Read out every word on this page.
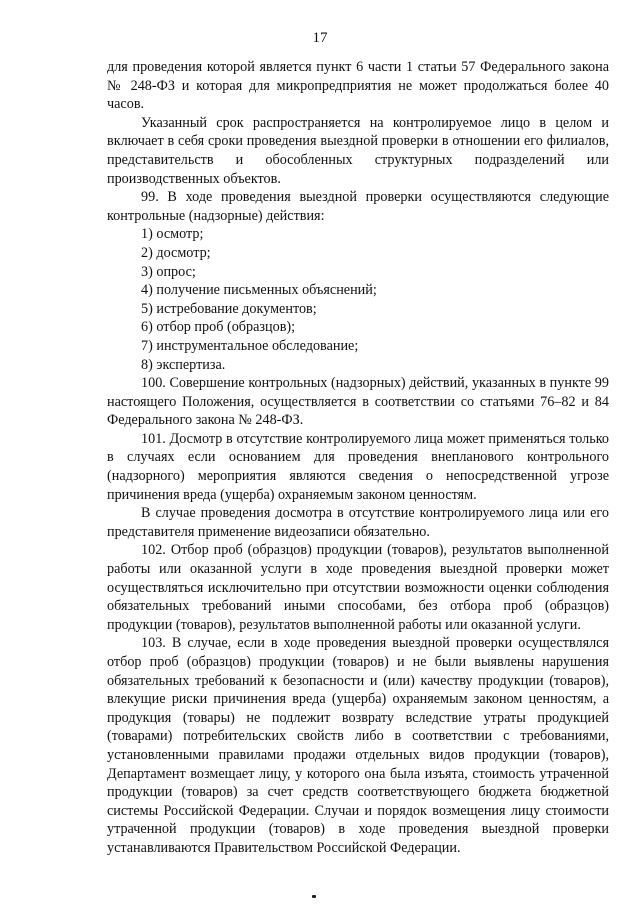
17

для проведения которой является пункт 6 части 1 статьи 57 Федерального закона № 248-ФЗ и которая для микропредприятия не может продолжаться более 40 часов.

Указанный срок распространяется на контролируемое лицо в целом и включает в себя сроки проведения выездной проверки в отношении его филиалов, представительств и обособленных структурных подразделений или производственных объектов.

99. В ходе проведения выездной проверки осуществляются следующие контрольные (надзорные) действия:

1) осмотр;
2) досмотр;
3) опрос;
4) получение письменных объяснений;
5) истребование документов;
6) отбор проб (образцов);
7) инструментальное обследование;
8) экспертиза.

100. Совершение контрольных (надзорных) действий, указанных в пункте 99 настоящего Положения, осуществляется в соответствии со статьями 76–82 и 84 Федерального закона № 248-ФЗ.

101. Досмотр в отсутствие контролируемого лица может применяться только в случаях если основанием для проведения внепланового контрольного (надзорного) мероприятия являются сведения о непосредственной угрозе причинения вреда (ущерба) охраняемым законом ценностям.

В случае проведения досмотра в отсутствие контролируемого лица или его представителя применение видеозаписи обязательно.

102. Отбор проб (образцов) продукции (товаров), результатов выполненной работы или оказанной услуги в ходе проведения выездной проверки может осуществляться исключительно при отсутствии возможности оценки соблюдения обязательных требований иными способами, без отбора проб (образцов) продукции (товаров), результатов выполненной работы или оказанной услуги.

103. В случае, если в ходе проведения выездной проверки осуществлялся отбор проб (образцов) продукции (товаров) и не были выявлены нарушения обязательных требований к безопасности и (или) качеству продукции (товаров), влекущие риски причинения вреда (ущерба) охраняемым законом ценностям, а продукция (товары) не подлежит возврату вследствие утраты продукцией (товарами) потребительских свойств либо в соответствии с требованиями, установленными правилами продажи отдельных видов продукции (товаров), Департамент возмещает лицу, у которого она была изъята, стоимость утраченной продукции (товаров) за счет средств соответствующего бюджета бюджетной системы Российской Федерации. Случаи и порядок возмещения лицу стоимости утраченной продукции (товаров) в ходе проведения выездной проверки устанавливаются Правительством Российской Федерации.
